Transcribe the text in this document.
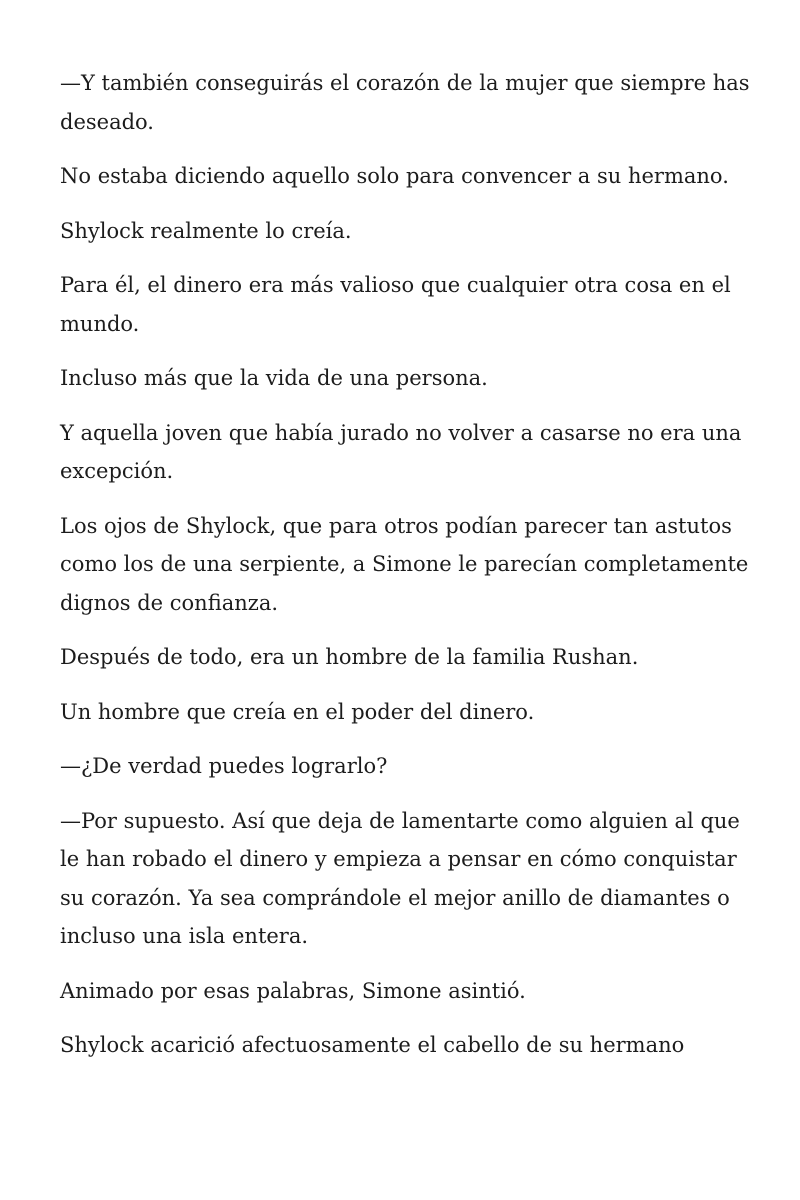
—Y también conseguirás el corazón de la mujer que siempre has deseado.

No estaba diciendo aquello solo para convencer a su hermano.

Shylock realmente lo creía.

Para él, el dinero era más valioso que cualquier otra cosa en el mundo.

Incluso más que la vida de una persona.

Y aquella joven que había jurado no volver a casarse no era una excepción.

Los ojos de Shylock, que para otros podían parecer tan astutos como los de una serpiente, a Simone le parecían completamente dignos de confianza.

Después de todo, era un hombre de la familia Rushan.

Un hombre que creía en el poder del dinero.

—¿De verdad puedes lograrlo?

—Por supuesto. Así que deja de lamentarte como alguien al que le han robado el dinero y empieza a pensar en cómo conquistar su corazón. Ya sea comprándole el mejor anillo de diamantes o incluso una isla entera.

Animado por esas palabras, Simone asintió.

Shylock acarició afectuosamente el cabello de su hermano
